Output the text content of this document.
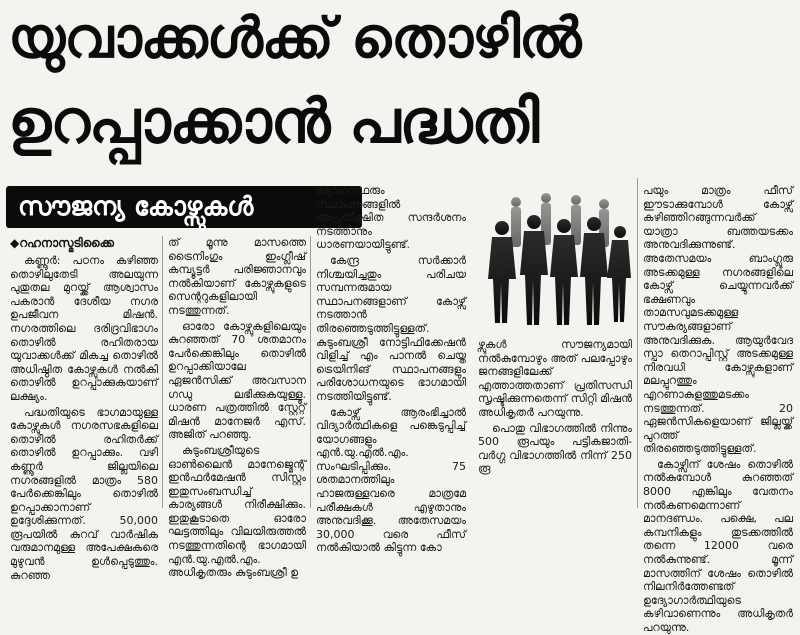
യുവാക്കൾക്ക് തൊഴിൽ
ഉറപ്പാക്കാൻ പദ്ധതി
സൗജന്യ കോഴ്സുകൾ
◆റഹനാസ്മടിക്കൈ

കണ്ണൂർ: പഠനം കഴിഞ്ഞ തൊഴിലുതേടി അലയുന്ന പുതുതല മുറയ്ക്ക് ആശ്വാസം പകരാൻ ദേശീയ നഗര ഉപജീവന മിഷൻ. നഗരത്തിലെ ദരിദ്രവിഭാഗം തൊഴിൽ രഹിതരായ യുവാക്കൾക്ക് മികച്ച തൊഴിൽ അധിഷ്ഠിത കോഴ്സുകൾ നൽകി തൊഴിൽ ഉറപ്പാക്കുകയാണ് ലക്ഷ്യം.

പദ്ധതിയുടെ ഭാഗമായുള്ള കോഴ്സുകൾ നഗരസഭകളിലെ തൊഴിൽ രഹിതർക്ക് തൊഴിൽ ഉറപ്പാക്കും. വഴി കണ്ണൂർ ജില്ലയിലെ നഗരങ്ങളിൽ മാത്രം 580 പേർക്കെങ്കിലും തൊഴിൽ ഉറപ്പാക്കാനാണ് ഉദ്ദേശിക്കുന്നത്. 50,000 രൂപയിൽ കുറവ് വാർഷിക വരുമാനമുള്ള അപേക്ഷകരെ മുഴുവൻ ഉൾപ്പെടുത്തും. കുറഞ്ഞ

ത് മൂന്നു മാസത്തെ ട്രൈനിംഗും ഇംഗ്ലീഷ് കമ്പ്യൂട്ടർ പരിജ്ഞാനവും നൽകിയാണ് കോഴ്സുകളുടെ സെന്ററുകളിലായി നടത്തുന്നത്.

ഓരോ കോഴ്സുകളിലെയും കുറഞ്ഞത് 70 ശതമാനം പേർക്കെങ്കിലും തൊഴിൽ ഉറപ്പാക്കിയാലേ ഏജൻസിക്ക് അവസാന ഗഡു ലഭിക്കുകയുള്ളൂ. ധാരണ പത്രത്തിൽ സ്റ്റേറ്റ് മിഷൻ മാനേജർ എസ്. അജിത് പറഞ്ഞു.

കുടുംബശ്രീയുടെ ഓൺലൈൻ മാനേജ്മെന്റ് ഇൻഫർമേഷൻ സിസ്റ്റം ഇതുസംബന്ധിച്ച് കാര്യങ്ങൾ നിരീക്ഷിക്കും. ഇതുകൂടാതെ ഓരോ ഘട്ടത്തിലും വിലയിരുത്തൽ നടത്തുന്നതിന്റെ ഭാഗമായി എൻ.യു.എൽ.എം. അധികൃതരും കുടുംബശ്രീ ഉ

ദ്യോഗസ്ഥരും സ്ഥാപനങ്ങളിൽ അപ്രതീക്ഷിത സന്ദർശനം നടത്താനും ധാരണയായിട്ടുണ്ട്.

കേന്ദ്ര സർക്കാർ നിശ്ചയിച്ചതും പരിചയ സമ്പന്നരുമായ സ്ഥാപനങ്ങളാണ് കോഴ്സ് നടത്താൻ തിരഞ്ഞെടുത്തിട്ടുള്ളത്. കുടുംബശ്രീ നോട്ടിഫിക്കേഷൻ വിളിച്ച് എം പാനൽ ചെയ്ത ട്രെയിനിങ് സ്ഥാപനങ്ങളും പരിശോധനയുടെ ഭാഗമായി നടത്തിയിട്ടുണ്ട്.

കോഴ്സ് ആരംഭിച്ചാൽ വിദ്യാർത്ഥികളെ പങ്കെടുപ്പിച്ച് യോഗങ്ങളും എൻ.യു.എൽ.എം. സംഘടിപ്പിക്കും. 75 ശതമാനത്തിലും ഹാജരുള്ളവരെ മാത്രമേ പരീക്ഷകൾ എഴുതാനും അനുവദിക്കൂ. അതേസമയം 30,000 വരെ ഫീസ് നൽകിയാൽ കിട്ടുന്ന കോ

ഴ്സുകൾ സൗജന്യമായി നൽകുമ്പോഴും അത് പലപ്പോഴും ജനങ്ങളിലേക്ക് എത്താത്തതാണ് പ്രതിസന്ധി സൃഷ്ടിക്കുന്നതെന്ന് സിറ്റി മിഷൻ അധികൃതർ പറയുന്നു.

പൊതു വിഭാഗത്തിൽ നിന്നും 500 രൂപയും പട്ടികജാതി- വർഗ്ഗ വിഭാഗത്തിൽ നിന്ന് 250 രൂ

പയും മാത്രം ഫീസ് ഈടാക്കുമ്പോൾ കോഴ്സ് കഴിഞ്ഞിറങ്ങുന്നവർക്ക് യാത്രാ ബത്തയടക്കം അനുവദിക്കുന്നുണ്ട്. അതേസമയം ബാംഗ്ലൂരു അടക്കമുള്ള നഗരങ്ങളിലെ കോഴ്സ് ചെയ്യുന്നവർക്ക് ഭക്ഷണവും താമസവുമടക്കമുള്ള സൗകര്യങ്ങളാണ് അനുവദിക്കുക. ആയുർവേദ സ്പാ തെറാപ്പിസ്റ്റ് അടക്കമുള്ള നിരവധി കോഴ്സുകളാണ് മലപ്പുറത്തും എറണാകുളത്തുമടക്കം നടത്തുന്നത്. 20 ഏജൻസികളെയാണ് ജില്ലയ്ക്ക് പുറത്ത് തിരഞ്ഞെടുത്തിട്ടുള്ളത്.

കോഴ്സിന് ശേഷം തൊഴിൽ നൽകുമ്പോൾ കുറഞ്ഞത് 8000 എങ്കിലും വേതനം നൽകണമെന്നാണ് മാനദണ്ഡം. പക്ഷെ, പല കമ്പനികളും തുടക്കത്തിൽ തന്നെ 12000 വരെ നൽകുന്നുണ്ട്. മൂന്ന് മാസത്തിന് ശേഷം തൊഴിൽ നിലനിർത്തേണ്ടത് ഉദ്യോഗാർത്ഥിയുടെ കഴിവാണെന്നും അധികൃതർ പറയുന്നു.
